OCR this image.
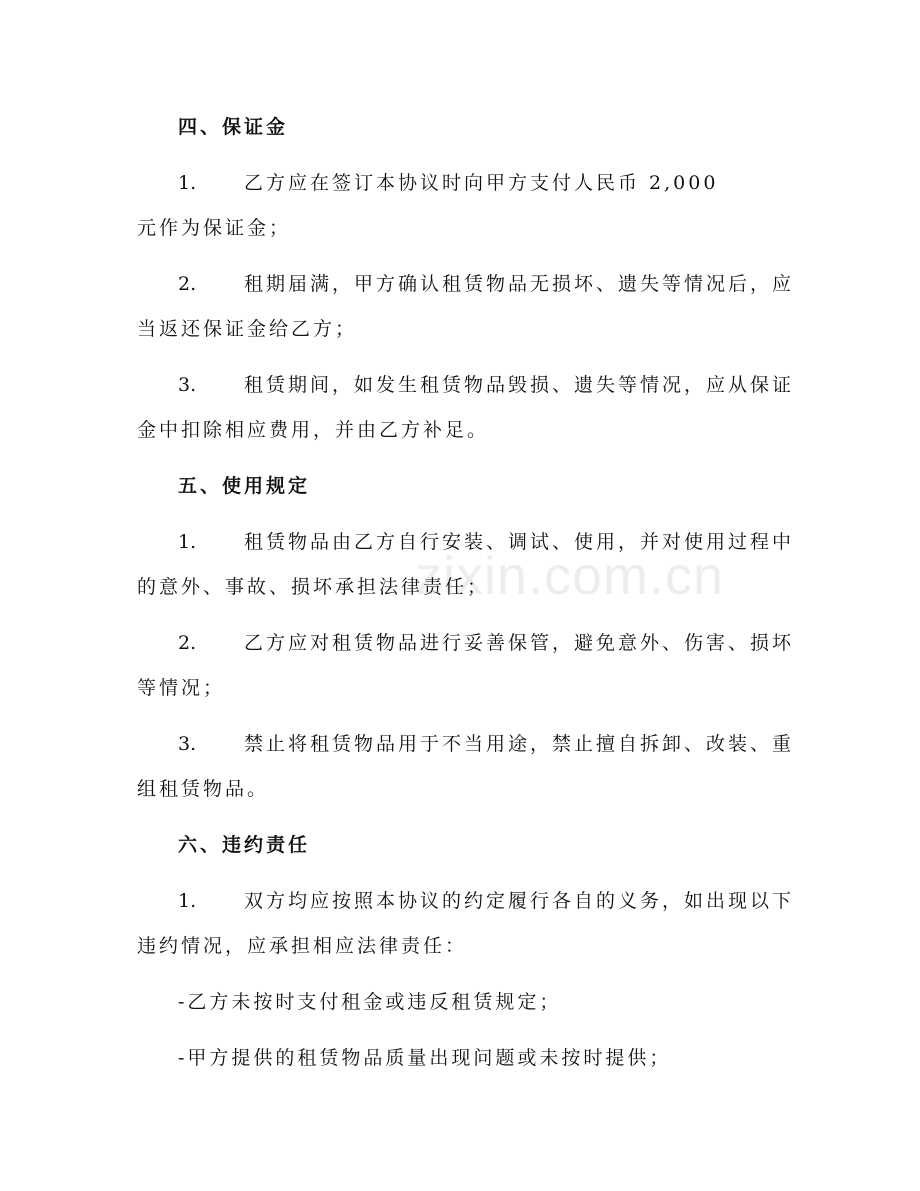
zixin.com.cn
四、保证金
1.	乙方应在签订本协议时向甲方支付人民币 2,000
元作为保证金；
2.	租期届满，甲方确认租赁物品无损坏、遗失等情况后，应
当返还保证金给乙方；
3.	租赁期间，如发生租赁物品毁损、遗失等情况，应从保证
金中扣除相应费用，并由乙方补足。
五、使用规定
1.	租赁物品由乙方自行安装、调试、使用，并对使用过程中
的意外、事故、损坏承担法律责任；
2.	乙方应对租赁物品进行妥善保管，避免意外、伤害、损坏
等情况；
3.	禁止将租赁物品用于不当用途，禁止擅自拆卸、改装、重
组租赁物品。
六、违约责任
1.	双方均应按照本协议的约定履行各自的义务，如出现以下
违约情况，应承担相应法律责任：
-乙方未按时支付租金或违反租赁规定；
-甲方提供的租赁物品质量出现问题或未按时提供；
